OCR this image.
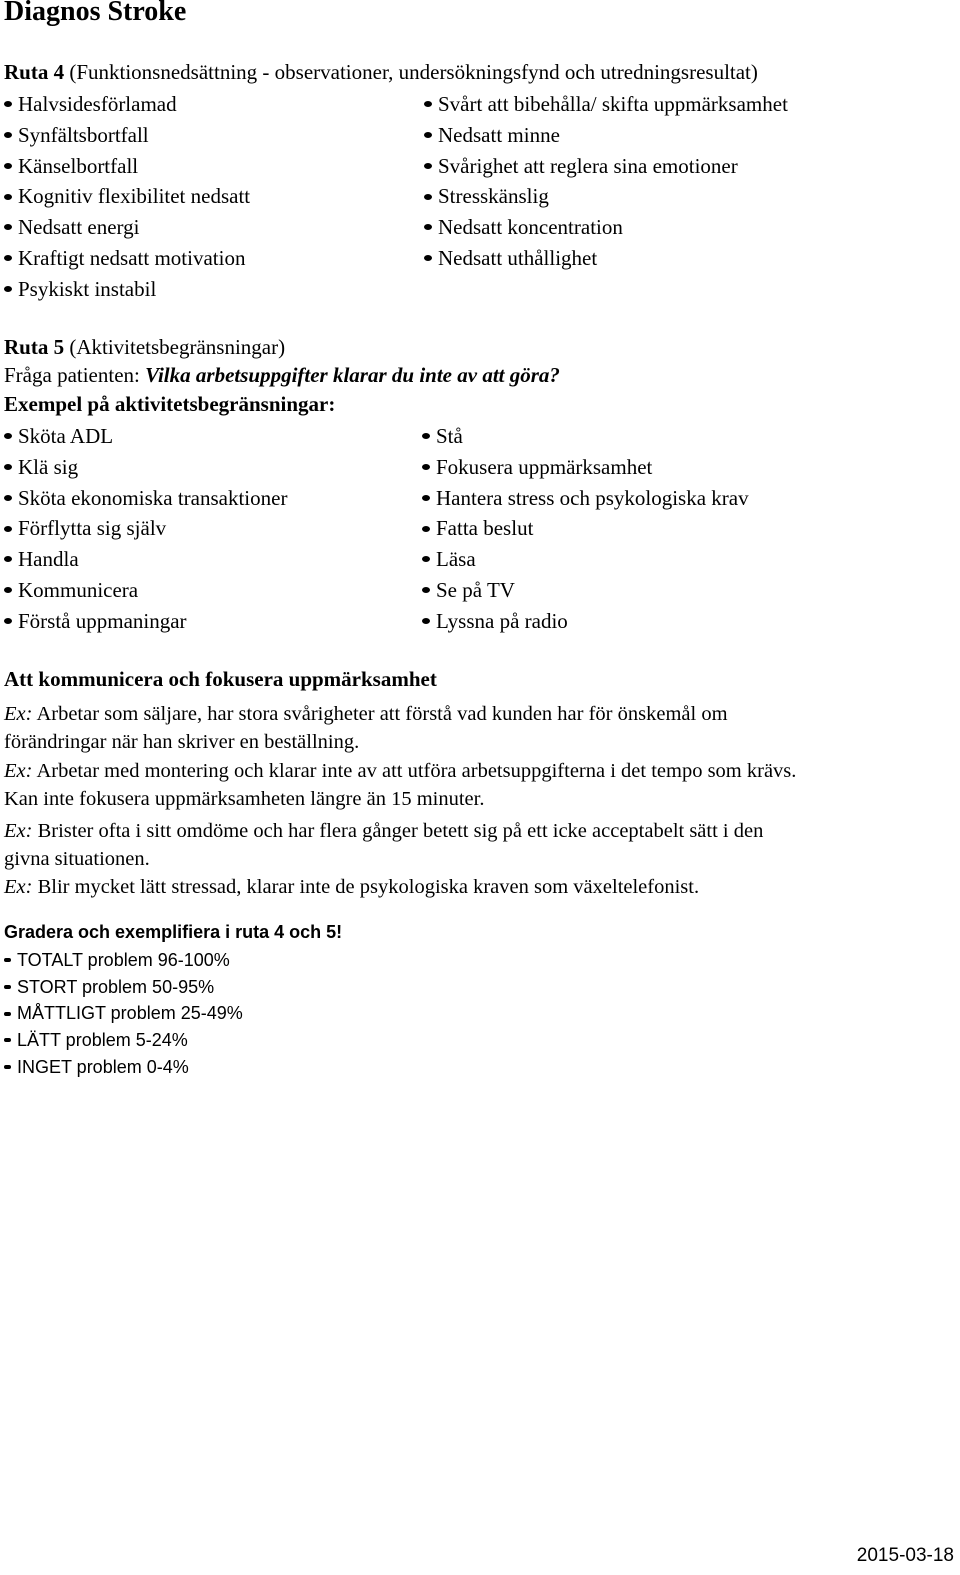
Diagnos Stroke
Ruta 4 (Funktionsnedsättning - observationer, undersökningsfynd och utredningsresultat)
Halvsidesförlamad
Synfältsbortfall
Känselbortfall
Kognitiv flexibilitet nedsatt
Nedsatt energi
Kraftigt nedsatt motivation
Psykiskt instabil
Svårt att bibehålla/ skifta uppmärksamhet
Nedsatt minne
Svårighet att reglera sina emotioner
Stresskänslig
Nedsatt koncentration
Nedsatt uthållighet
Ruta 5 (Aktivitetsbegränsningar)
Fråga patienten: Vilka arbetsuppgifter klarar du inte av att göra?
Exempel på aktivitetsbegränsningar:
Sköta ADL
Klä sig
Sköta ekonomiska transaktioner
Förflytta sig själv
Handla
Kommunicera
Förstå uppmaningar
Stå
Fokusera uppmärksamhet
Hantera stress och psykologiska krav
Fatta beslut
Läsa
Se på TV
Lyssna på radio
Att kommunicera och fokusera uppmärksamhet
Ex: Arbetar som säljare, har stora svårigheter att förstå vad kunden har för önskemål om
förändringar när han skriver en beställning.
Ex: Arbetar med montering och klarar inte av att utföra arbetsuppgifterna i det tempo som krävs.
Kan inte fokusera uppmärksamheten längre än 15 minuter.
Ex: Brister ofta i sitt omdöme och har flera gånger betett sig på ett icke acceptabelt sätt i den
givna situationen.
Ex: Blir mycket lätt stressad, klarar inte de psykologiska kraven som växeltelefonist.
Gradera och exemplifiera i ruta 4 och 5!
TOTALT problem 96-100%
STORT problem 50-95%
MÅTTLIGT problem 25-49%
LÄTT problem 5-24%
INGET problem 0-4%
2015-03-18
